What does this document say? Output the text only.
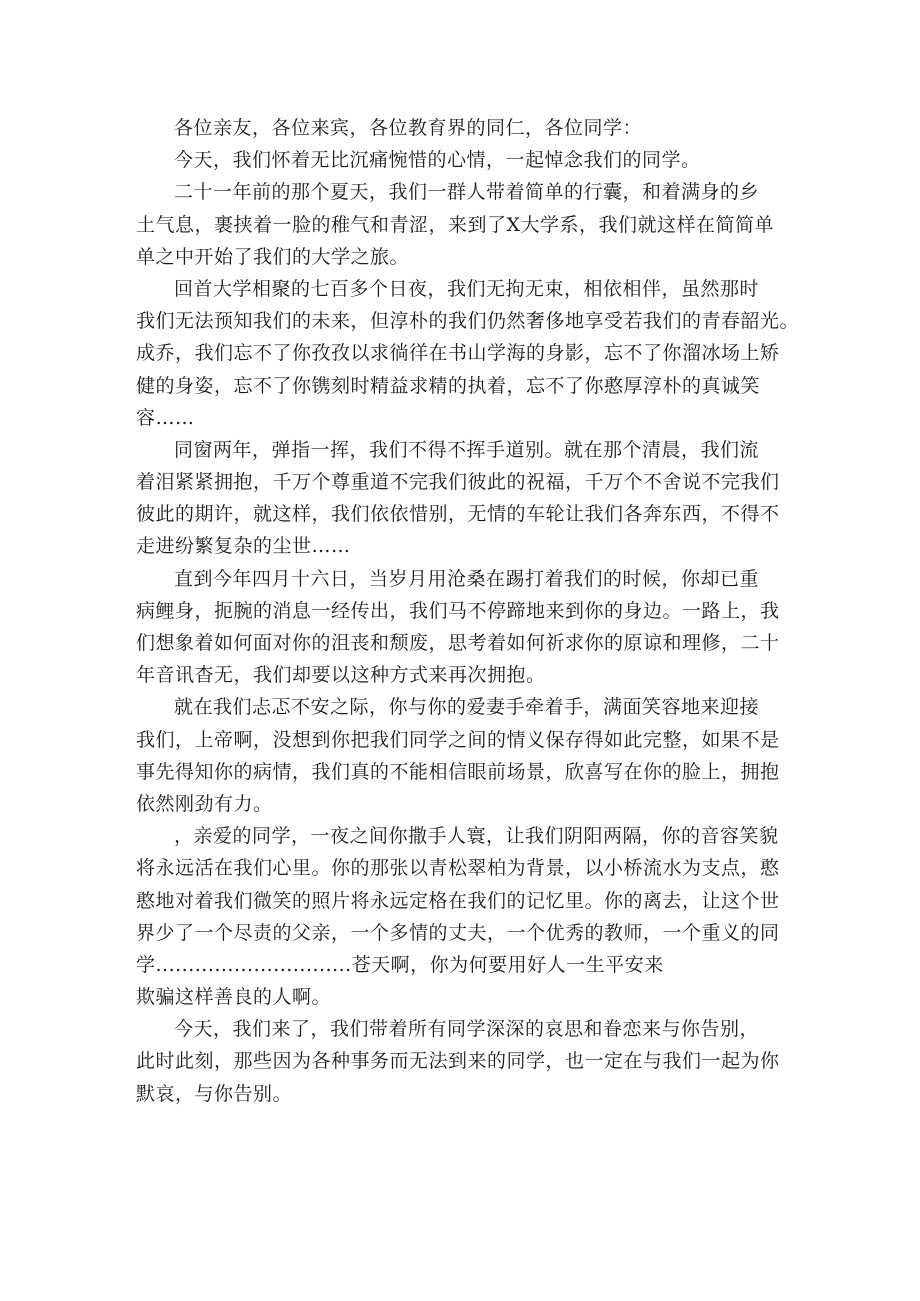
各位亲友，各位来宾，各位教育界的同仁，各位同学：
今天，我们怀着无比沉痛惋惜的心情，一起悼念我们的同学。
二十一年前的那个夏天，我们一群人带着简单的行囊，和着满身的乡
土气息，裹挟着一脸的稚气和青涩，来到了X大学系，我们就这样在简简单
单之中开始了我们的大学之旅。
回首大学相聚的七百多个日夜，我们无拘无束，相依相伴，虽然那时
我们无法预知我们的未来，但淳朴的我们仍然奢侈地享受若我们的青春韶光。
成乔，我们忘不了你孜孜以求徜徉在书山学海的身影，忘不了你溜冰场上矫
健的身姿，忘不了你镌刻时精益求精的执着，忘不了你憨厚淳朴的真诚笑
容……
同窗两年，弹指一挥，我们不得不挥手道别。就在那个清晨，我们流
着泪紧紧拥抱，千万个尊重道不完我们彼此的祝福，千万个不舍说不完我们
彼此的期许，就这样，我们依依惜别，无情的车轮让我们各奔东西，不得不
走进纷繁复杂的尘世……
直到今年四月十六日，当岁月用沧桑在踢打着我们的时候，你却已重
病鲤身，扼腕的消息一经传出，我们马不停蹄地来到你的身边。一路上，我
们想象着如何面对你的沮丧和颓废，思考着如何祈求你的原谅和理修，二十
年音讯杳无，我们却要以这种方式来再次拥抱。
就在我们忐忑不安之际，你与你的爱妻手牵着手，满面笑容地来迎接
我们，上帝啊，没想到你把我们同学之间的情义保存得如此完整，如果不是
事先得知你的病情，我们真的不能相信眼前场景，欣喜写在你的脸上，拥抱
依然刚劲有力。
，亲爱的同学，一夜之间你撒手人寰，让我们阴阳两隔，你的音容笑貌
将永远活在我们心里。你的那张以青松翠柏为背景，以小桥流水为支点，憨
憨地对着我们微笑的照片将永远定格在我们的记忆里。你的离去，让这个世
界少了一个尽责的父亲，一个多情的丈夫，一个优秀的教师，一个重义的同
学..............................苍天啊，你为何要用好人一生平安来
欺骗这样善良的人啊。
今天，我们来了，我们带着所有同学深深的哀思和眷恋来与你告别，
此时此刻，那些因为各种事务而无法到来的同学，也一定在与我们一起为你
默哀，与你告别。
